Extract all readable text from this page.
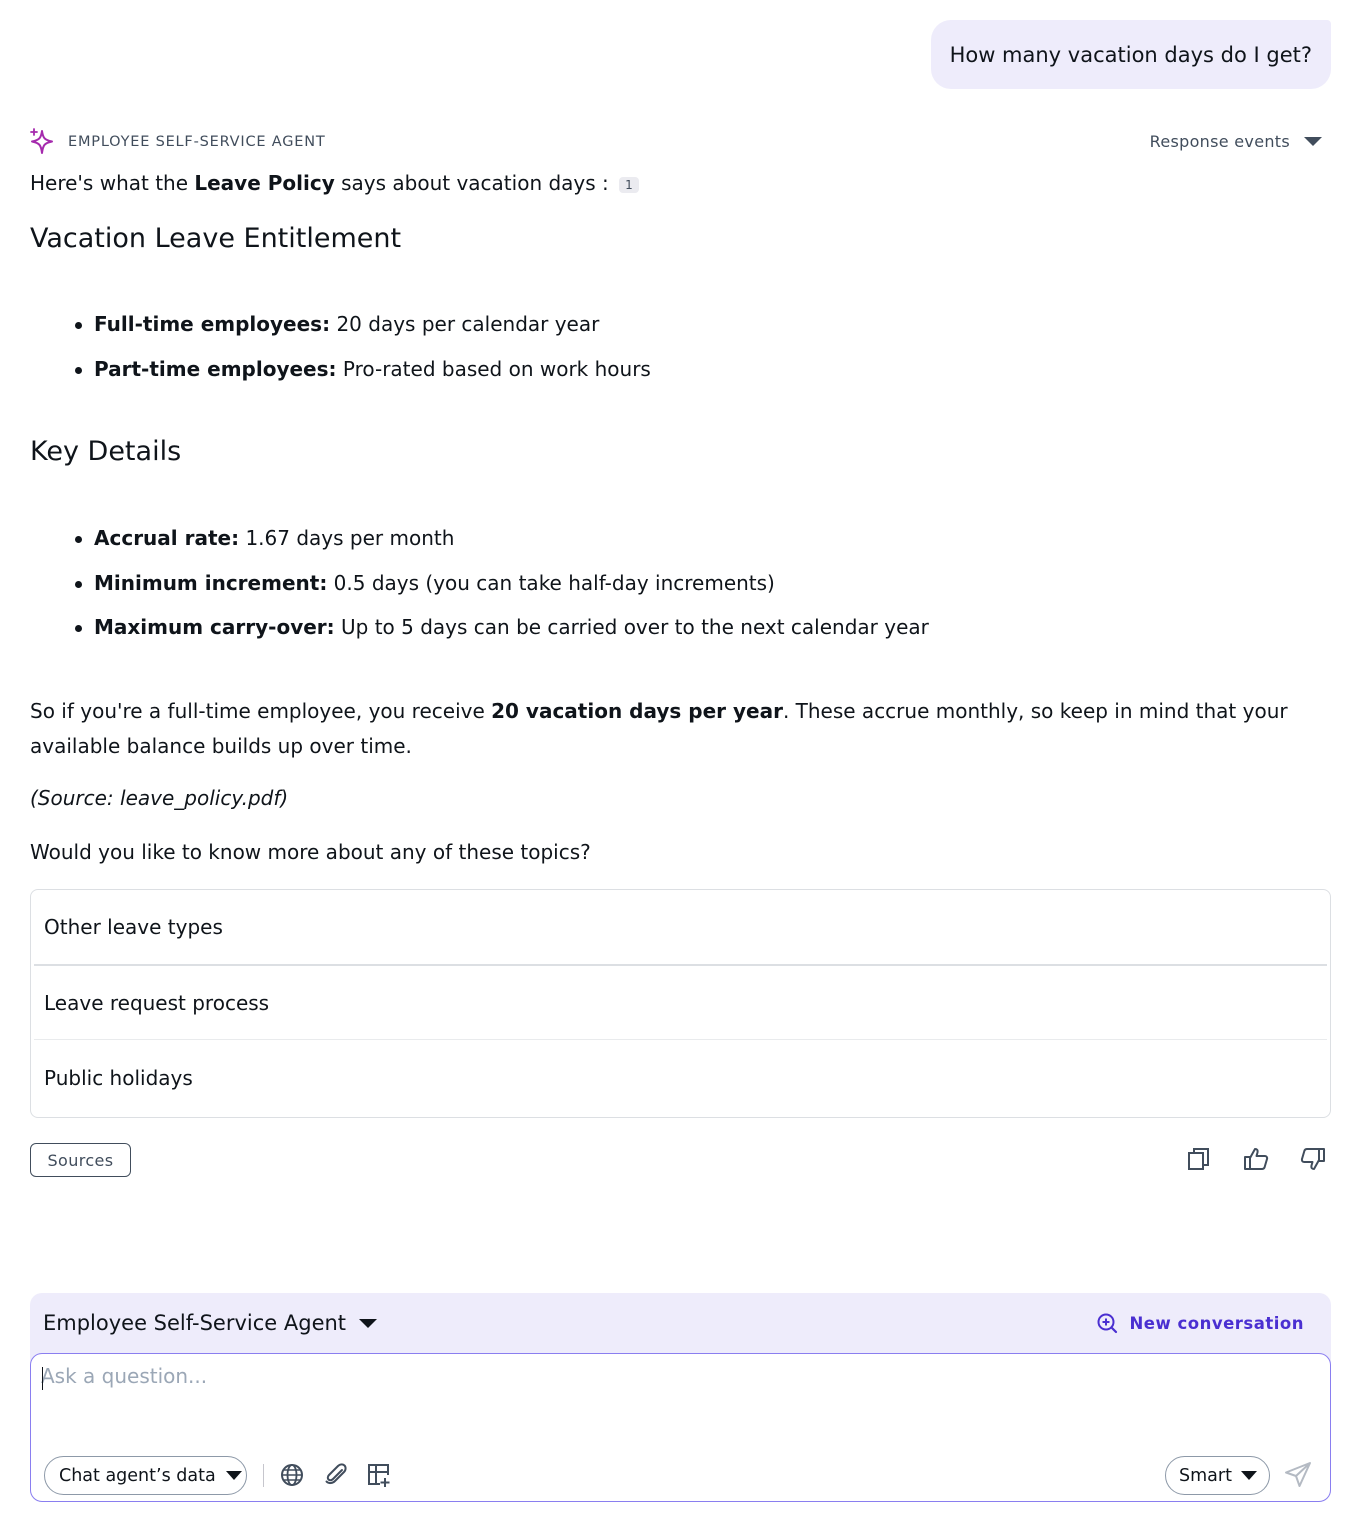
How many vacation days do I get?
EMPLOYEE SELF-SERVICE AGENT	Response events
Here's what the Leave Policy says about vacation days : 1
Vacation Leave Entitlement
Full-time employees: 20 days per calendar year
Part-time employees: Pro-rated based on work hours
Key Details
Accrual rate: 1.67 days per month
Minimum increment: 0.5 days (you can take half-day increments)
Maximum carry-over: Up to 5 days can be carried over to the next calendar year

So if you're a full-time employee, you receive 20 vacation days per year. These accrue monthly, so keep in mind that your available balance builds up over time.

(Source: leave_policy.pdf)

Would you like to know more about any of these topics?

Other leave types
Leave request process
Public holidays
Sources
Employee Self-Service Agent	New conversation
Ask a question...
Chat agent’s data	Smart
